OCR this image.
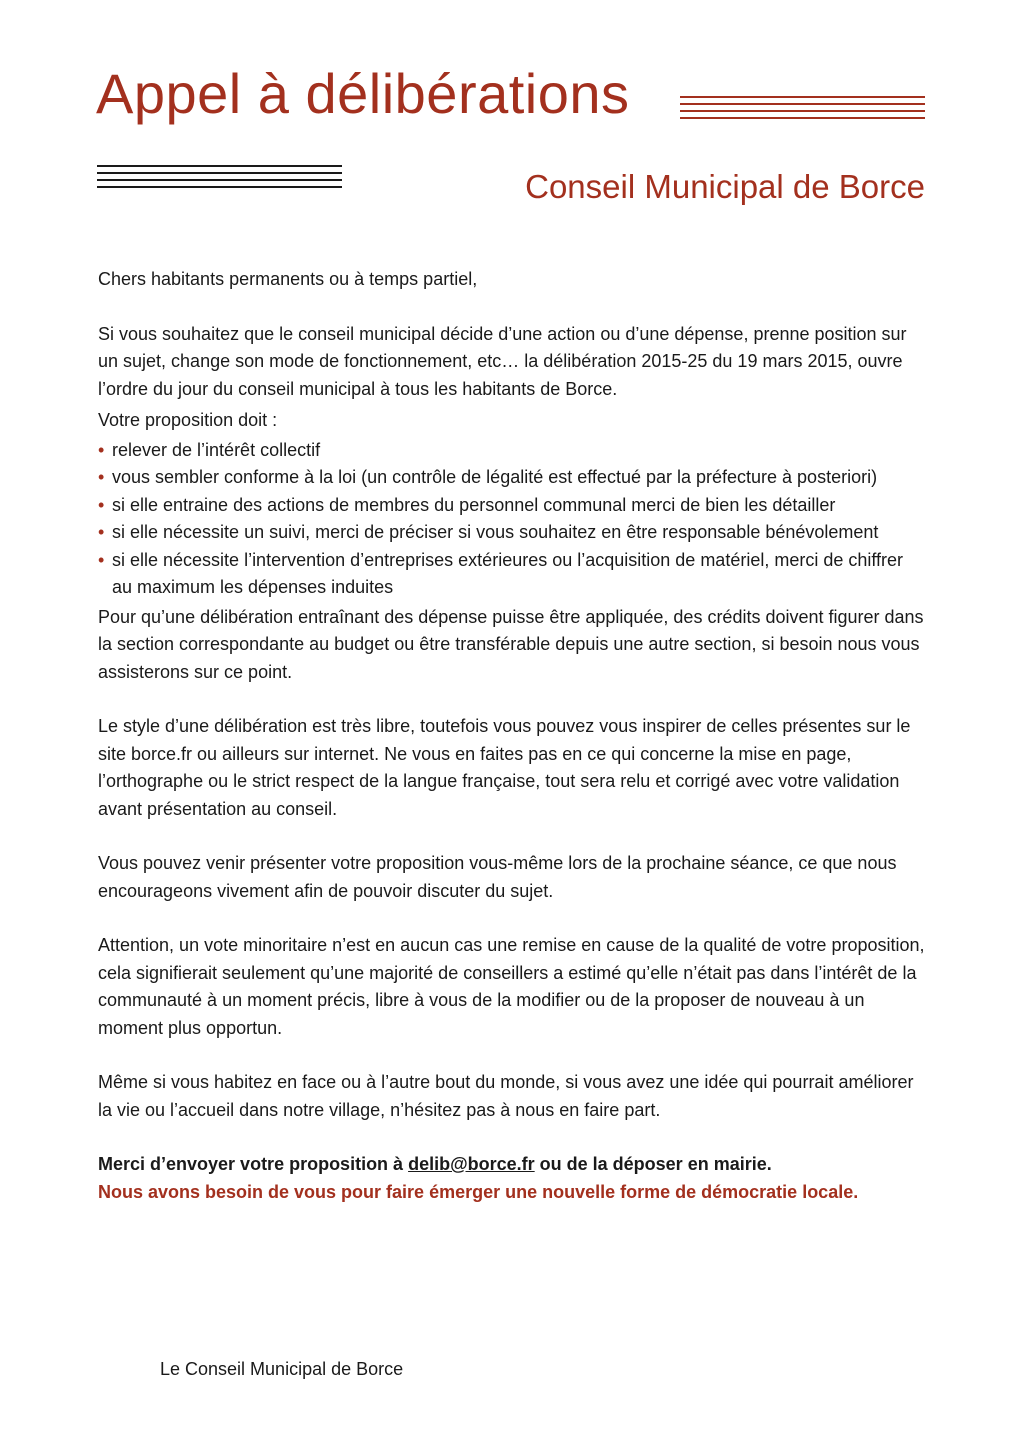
Appel à délibérations
Conseil Municipal de Borce

Chers habitants permanents ou à temps partiel,

Si vous souhaitez que le conseil municipal décide d’une action ou d’une dépense, prenne position sur un sujet, change son mode de fonctionnement, etc… la délibération 2015-25 du 19 mars 2015, ouvre l’ordre du jour du conseil municipal à tous les habitants de Borce.

Votre proposition doit :

• relever de l’intérêt collectif
• vous sembler conforme à la loi (un contrôle de légalité est effectué par la préfecture à posteriori)
• si elle entraine des actions de membres du personnel communal merci de bien les détailler
• si elle nécessite un suivi, merci de préciser si vous souhaitez en être responsable bénévolement
• si elle nécessite l’intervention d’entreprises extérieures ou l’acquisition de matériel, merci de chiffrer au maximum les dépenses induites

Pour qu’une délibération entraînant des dépense puisse être appliquée, des crédits doivent figurer dans la section correspondante au budget ou être transférable depuis une autre section, si besoin nous vous assisterons sur ce point.

Le style d’une délibération est très libre, toutefois vous pouvez vous inspirer de celles présentes sur le site borce.fr ou ailleurs sur internet. Ne vous en faites pas en ce qui concerne la mise en page, l’orthographe ou le strict respect de la langue française, tout sera relu et corrigé avec votre validation avant présentation au conseil.

Vous pouvez venir présenter votre proposition vous-même lors de la prochaine séance, ce que nous encourageons vivement afin de pouvoir discuter du sujet.

Attention, un vote minoritaire n’est en aucun cas une remise en cause de la qualité de votre proposition, cela signifierait seulement qu’une majorité de conseillers a estimé qu’elle n’était pas dans l’intérêt de la communauté à un moment précis, libre à vous de la modifier ou de la proposer de nouveau à un moment plus opportun.

Même si vous habitez en face ou à l’autre bout du monde, si vous avez une idée qui pourrait améliorer la vie ou l’accueil dans notre village, n’hésitez pas à nous en faire part.

Merci d’envoyer votre proposition à delib@borce.fr ou de la déposer en mairie.

Nous avons besoin de vous pour faire émerger une nouvelle forme de démocratie locale.

Le Conseil Municipal de Borce
